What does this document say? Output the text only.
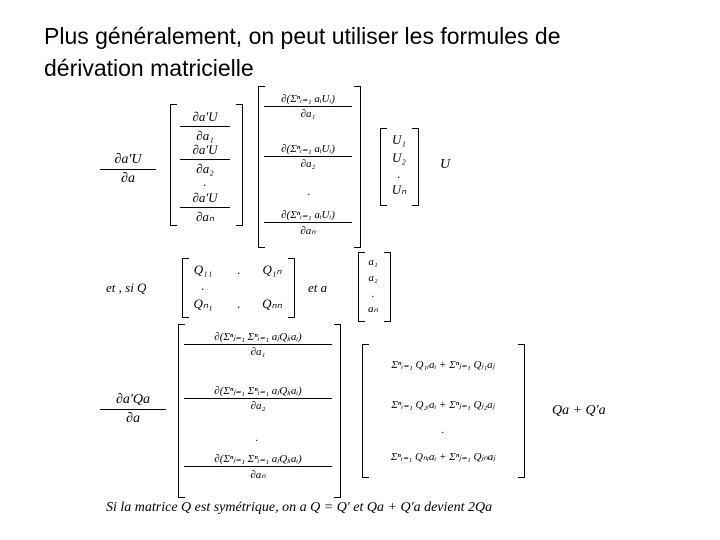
Plus généralement, on peut utiliser les formules de
dérivation matricielle
∂a'U
∂a
∂a'U
∂a₁
∂a'U
∂a₂
.
∂a'U
∂aₙ
∂(Σⁿᵢ₌₁ aᵢUᵢ)
∂a₁
∂(Σⁿᵢ₌₁ aᵢUᵢ)
∂a₂
.
∂(Σⁿᵢ₌₁ aᵢUᵢ)
∂aₙ
U₁
U₂
.
Uₙ
U
et , si Q
Q₁₁	.	Q₁ₙ
.
Qₙ₁	.	Qₙₙ
et a
a₁
a₂
.
aₙ
∂a'Qa
∂a
∂(Σⁿⱼ₌₁ Σⁿᵢ₌₁ aⱼQⱼᵢaᵢ)
∂a₁
∂(Σⁿⱼ₌₁ Σⁿᵢ₌₁ aⱼQⱼᵢaᵢ)
∂a₂
.
∂(Σⁿⱼ₌₁ Σⁿᵢ₌₁ aⱼQⱼᵢaᵢ)
∂aₙ
Σⁿᵢ₌₁ Q₁ᵢaᵢ + Σⁿⱼ₌₁ Qⱼ₁aⱼ
Σⁿᵢ₌₁ Q₂ᵢaᵢ + Σⁿⱼ₌₁ Qⱼ₂aⱼ
.
Σⁿᵢ₌₁ Qₙᵢaᵢ + Σⁿⱼ₌₁ Qⱼₙaⱼ
Qa + Q'a
Si la matrice Q est symétrique, on a Q = Q' et Qa + Q'a devient 2Qa
